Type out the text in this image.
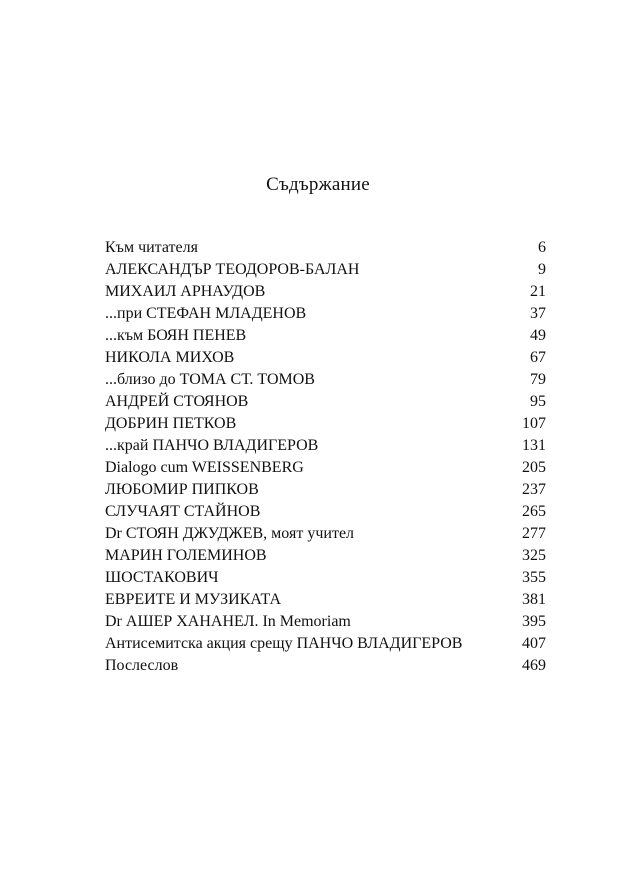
Съдържание
Към читателя	6
АЛЕКСАНДЪР ТЕОДОРОВ-БАЛАН	9
МИХАИЛ АРНАУДОВ	21
...при СТЕФАН МЛАДЕНОВ	37
...към БОЯН ПЕНЕВ	49
НИКОЛА МИХОВ	67
...близо до ТОМА СТ. ТОМОВ	79
АНДРЕЙ СТОЯНОВ	95
ДОБРИН ПЕТКОВ	107
...край ПАНЧО ВЛАДИГЕРОВ	131
Dialogo cum WEISSENBERG	205
ЛЮБОМИР ПИПКОВ	237
СЛУЧАЯТ СТАЙНОВ	265
Dr СТОЯН ДЖУДЖЕВ, моят учител	277
МАРИН ГОЛЕМИНОВ	325
ШОСТАКОВИЧ	355
ЕВРЕИТЕ И МУЗИКАТА	381
Dr АШЕР ХАНАНЕЛ. In Memoriam	395
Антисемитска акция срещу ПАНЧО ВЛАДИГЕРОВ	407
Послеслов	469
